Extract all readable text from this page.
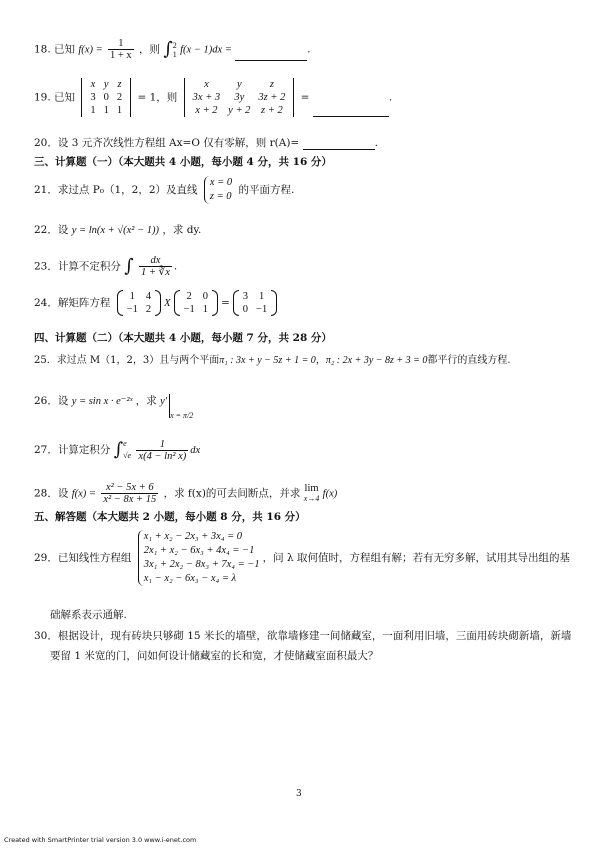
18. 已知 $f(x) = \frac{1}{1 + x}$ ，则 ∫ 2
1 f(x − 1)dx =	.
19. 已知
x	y	z
3	0	2
1	1	1
= 1，则
x	y	z
3x + 3	3y	3z + 2
x + 2	y + 2	z + 2
=	.
20．设 3 元齐次线性方程组 Ax=O 仅有零解，则 r(A)=	.
三、计算题（一）（本大题共 4 小题，每小题 4 分，共 16 分）
21．求过点 P₀（1，2，2）及直线
x = 0
z = 0
的平面方程.
22．设 y = ln(x + √(x² − 1)) ，求 dy.
23．计算不定积分 ∫ $\frac{dx}{1 + ∛x}$ .
24．解矩阵方程
1	4
−1	2
X
2	0
−1	1
=
3	1
0	−1
四、计算题（二）（本大题共 4 小题，每小题 7 分，共 28 分）
25．求过点 M（1，2，3）且与两个平面π₁ : 3x + y − 5z + 1 = 0，π₂ : 2x + 3y − 8z + 3 = 0都平行的直线方程.
26．设 y = sin x · e⁻²ˣ ，求 $y'_{x = \pi/2}$
27．计算定积分 ∫ e
√e
$\frac{1}{\text{x(4 − ln² x)}}$ dx
28．设 $f(x) = \frac{\text{x² − 5x + 6}}{\text{x² − 8x + 15}}$ ，求 f(x)的可去间断点，并求 lim
x→4 f(x)
五、解答题（本大题共 2 小题，每小题 8 分，共 16 分）
29．已知线性方程组
x₁ + x₂ − 2x₃ + 3x₄ = 0
2x₁ + x₂ − 6x₃ + 4x₄ = −1
3x₁ + 2x₂ − 8x₃ + 7x₄ = −1
x₁ − x₂ − 6x₃ − x₄ = λ
，问 λ 取何值时，方程组有解；若有无穷多解，试用其导出组的基
础解系表示通解.
30．根据设计，现有砖块只够砌 15 米长的墙壁，欲靠墙修建一间储藏室，一面利用旧墙，三面用砖块砌新墙，新墙
要留 1 米宽的门，问如何设计储藏室的长和宽，才使储藏室面积最大？
3
Created with SmartPrinter trial version 3.0 www.i-enet.com
